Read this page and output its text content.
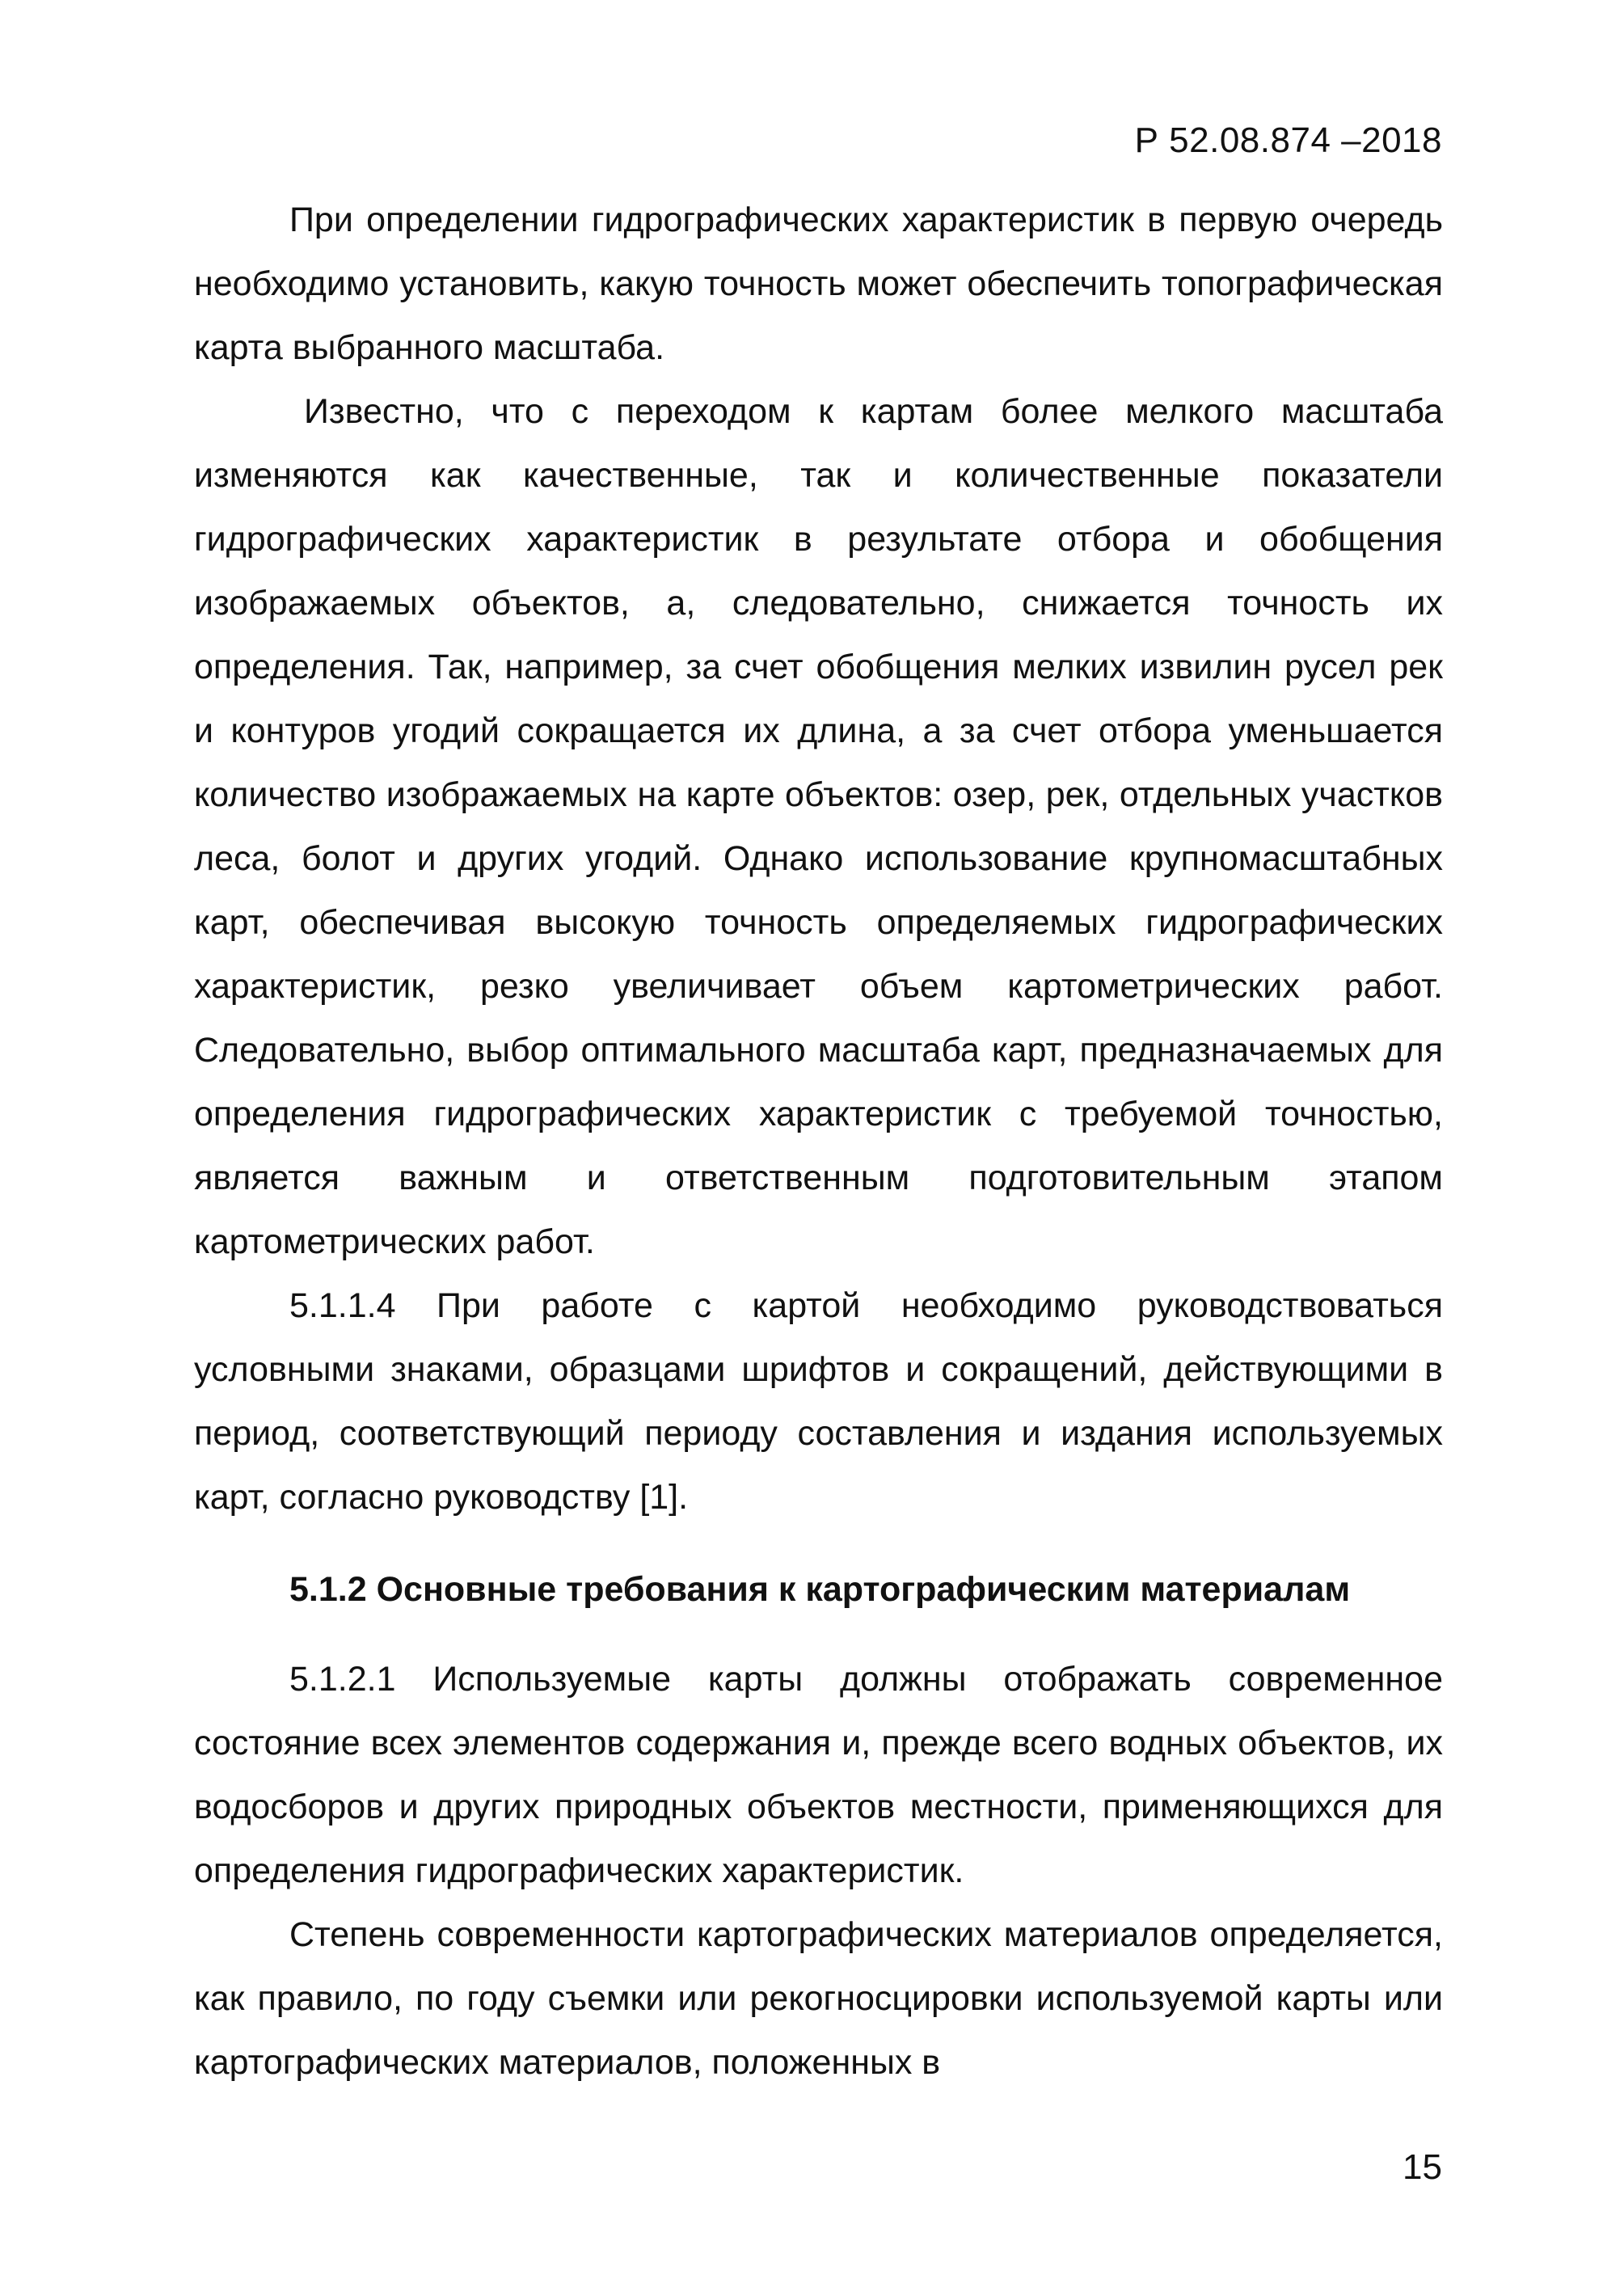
Р 52.08.874 –2018

При определении гидрографических характеристик в первую очередь необходимо установить, какую точность может обеспечить топографическая карта выбранного масштаба.

Известно, что с переходом к картам более мелкого масштаба изменяются как качественные, так и количественные показатели гидрографических характеристик в результате отбора и обобщения изображаемых объектов, а, следовательно, снижается точность их определения. Так, например, за счет обобщения мелких извилин русел рек и контуров угодий сокращается их длина, а за счет отбора уменьшается количество изображаемых на карте объектов: озер, рек, отдельных участков леса, болот и других угодий. Однако использование крупномасштабных карт, обеспечивая высокую точность определяемых гидрографических характеристик, резко увеличивает объем картометрических работ. Следовательно, выбор оптимального масштаба карт, предназначаемых для определения гидрографических характеристик с требуемой точностью, является важным и ответственным подготовительным этапом картометрических работ.

5.1.1.4 При работе с картой необходимо руководствоваться условными знаками, образцами шрифтов и сокращений, действующими в период, соответствующий периоду составления и издания используемых карт, согласно руководству [1].

5.1.2 Основные требования к картографическим материалам

5.1.2.1 Используемые карты должны отображать современное состояние всех элементов содержания и, прежде всего водных объектов, их водосборов и других природных объектов местности, применяющихся для определения гидрографических характеристик.

Степень современности картографических материалов определяется, как правило, по году съемки или рекогносцировки используемой карты или картографических материалов, положенных в

15
